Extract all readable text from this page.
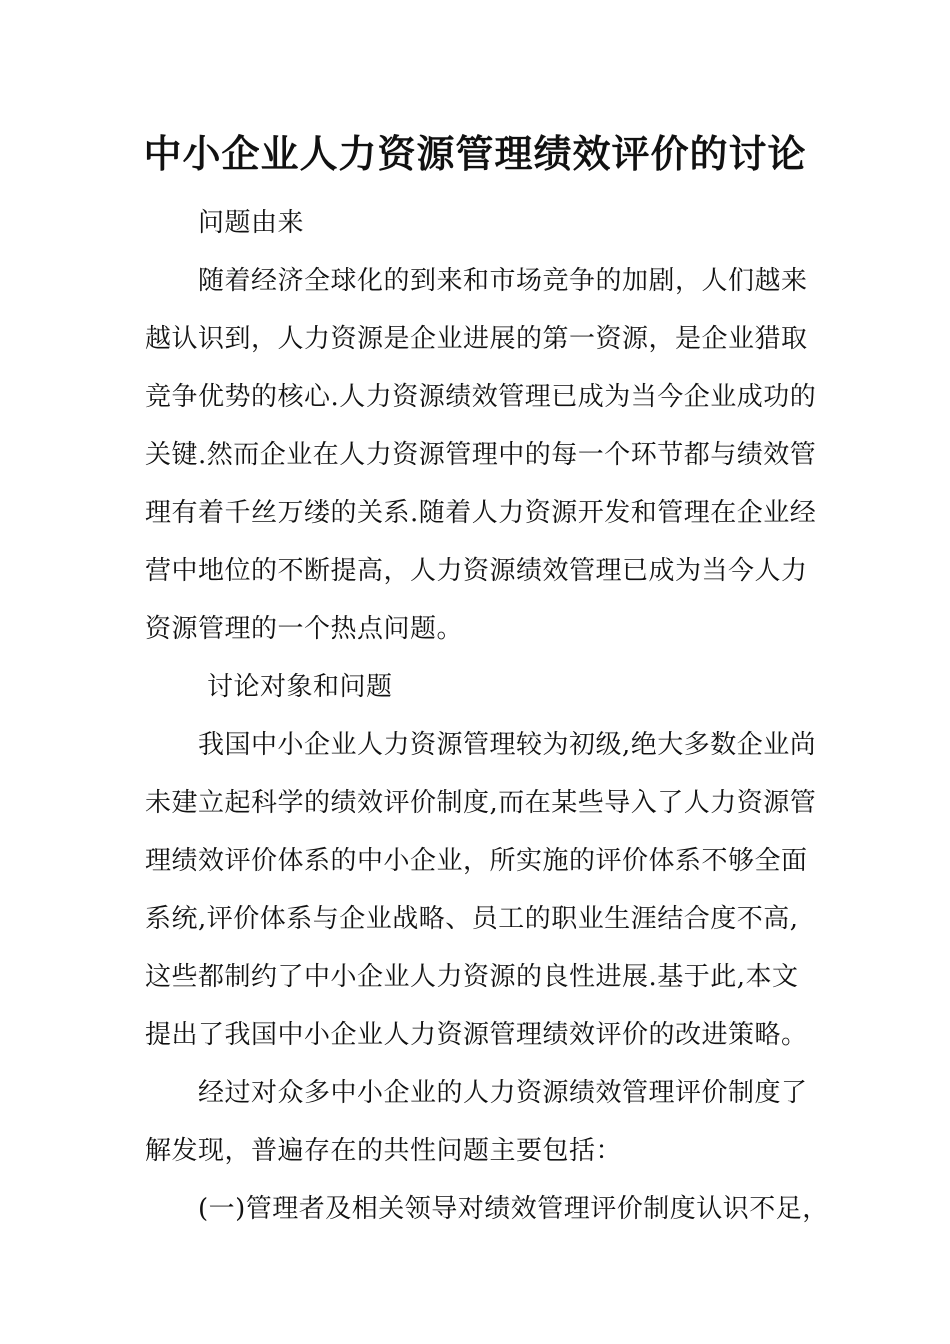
中小企业人力资源管理绩效评价的讨论

问题由来

随着经济全球化的到来和市场竞争的加剧，人们越来

越认识到，人力资源是企业进展的第一资源，是企业猎取

竞争优势的核心.人力资源绩效管理已成为当今企业成功的

关键.然而企业在人力资源管理中的每一个环节都与绩效管

理有着千丝万缕的关系.随着人力资源开发和管理在企业经

营中地位的不断提高，人力资源绩效管理已成为当今人力

资源管理的一个热点问题。

讨论对象和问题

我国中小企业人力资源管理较为初级,绝大多数企业尚

未建立起科学的绩效评价制度,而在某些导入了人力资源管

理绩效评价体系的中小企业，所实施的评价体系不够全面

系统,评价体系与企业战略、员工的职业生涯结合度不高,

这些都制约了中小企业人力资源的良性进展.基于此,本文

提出了我国中小企业人力资源管理绩效评价的改进策略。

经过对众多中小企业的人力资源绩效管理评价制度了

解发现，普遍存在的共性问题主要包括：

(一)管理者及相关领导对绩效管理评价制度认识不足，
